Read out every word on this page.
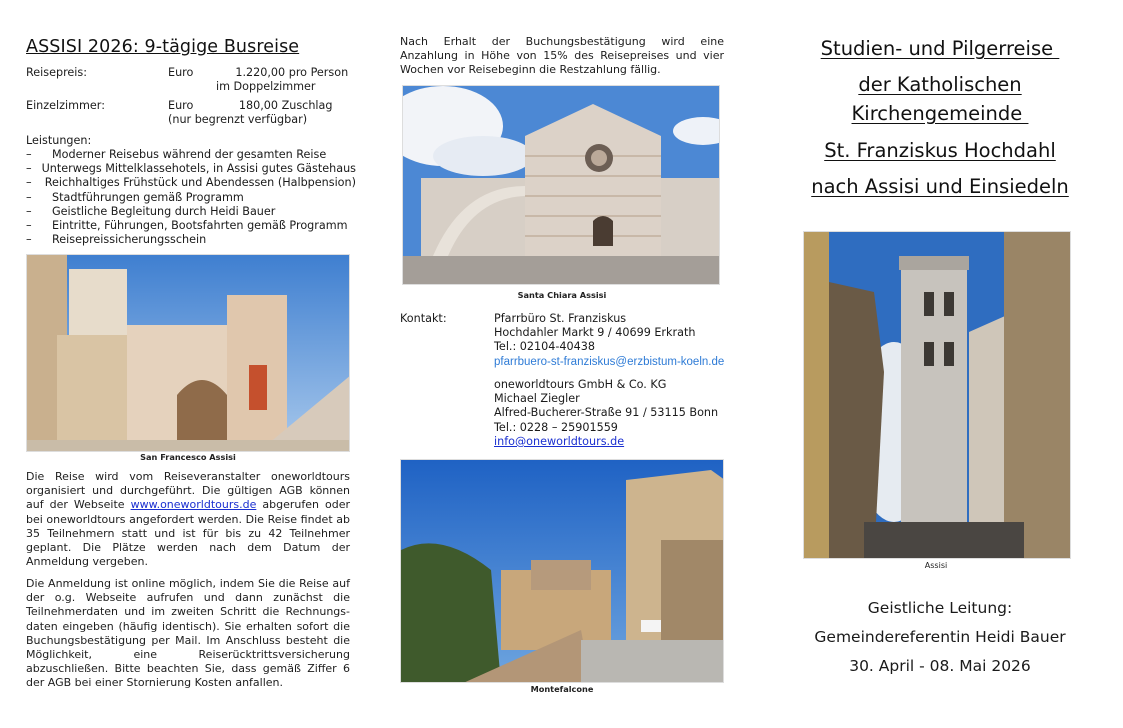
ASSISI 2026: 9-tägige Busreise
Reisepreis:	Euro	1.220,00 pro Person
im Doppelzimmer
Einzelzimmer:	Euro	180,00 Zuschlag
(nur begrenzt verfügbar)
Leistungen:
–	Moderner Reisebus während der gesamten Reise
– Unterwegs Mittelklassehotels, in Assisi gutes Gästehaus
–	Reichhaltiges Frühstück und Abendessen (Halbpension)
–	Stadtführungen gemäß Programm
–	Geistliche Begleitung durch Heidi Bauer
–	Eintritte, Führungen, Bootsfahrten gemäß Programm
–	Reisepreissicherungsschein
San Francesco Assisi

Die Reise wird vom Reiseveranstalter oneworldtours organisiert und durchgeführt. Die gültigen AGB können auf der Webseite www.oneworldtours.de abgerufen oder bei oneworldtours angefordert werden. Die Reise findet ab 35 Teilnehmern statt und ist für bis zu 42 Teilnehmer geplant. Die Plätze werden nach dem Datum der Anmeldung vergeben.

Die Anmeldung ist online möglich, indem Sie die Reise auf der o.g. Webseite aufrufen und dann zunächst die Teilnehmerdaten und im zweiten Schritt die Rechnungs-daten eingeben (häufig identisch). Sie erhalten sofort die Buchungsbestätigung per Mail. Im Anschluss besteht die Möglichkeit, eine Reiserücktrittsversicherung abzuschließen. Bitte beachten Sie, dass gemäß Ziffer 6 der AGB bei einer Stornierung Kosten anfallen.

Nach Erhalt der Buchungsbestätigung wird eine Anzahlung in Höhe von 15% des Reisepreises und vier Wochen vor Reisebeginn die Restzahlung fällig.

Santa Chiara Assisi
Kontakt:	Pfarrbüro St. Franziskus
Hochdahler Markt 9 / 40699 Erkrath
Tel.: 02104-40438
pfarrbuero-st-franziskus@erzbistum-koeln.de
oneworldtours GmbH & Co. KG
Michael Ziegler
Alfred-Bucherer-Straße 91 / 53115 Bonn
Tel.: 0228 – 25901559
info@oneworldtours.de
Montefalcone
Studien- und Pilgerreise
der Katholischen
Kirchengemeinde
St. Franziskus Hochdahl
nach Assisi und Einsiedeln
Assisi
Geistliche Leitung:
Gemeindereferentin Heidi Bauer
30. April - 08. Mai 2026
